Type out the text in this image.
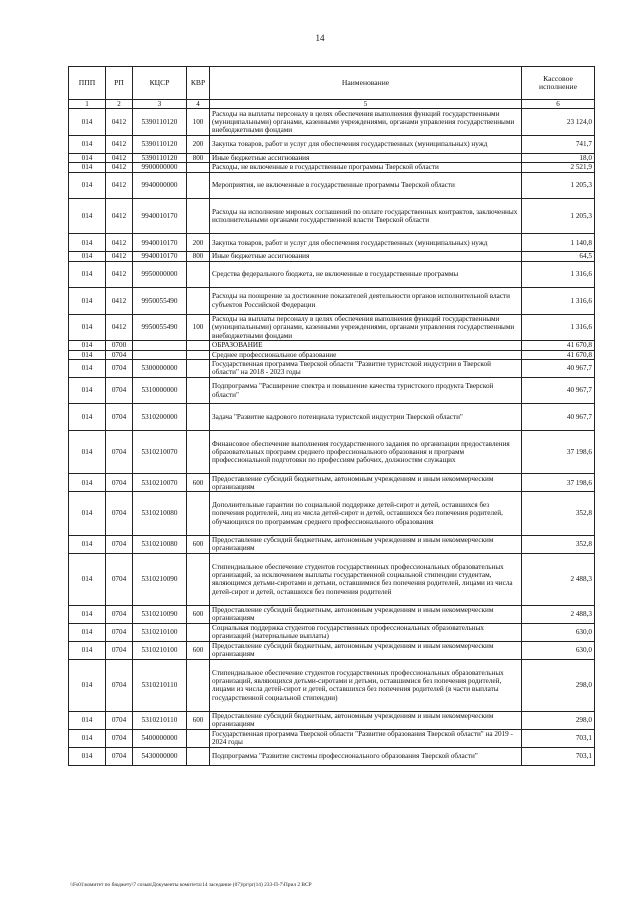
14
ППП	РП	КЦСР	КВР	Наименование	Кассовое исполнение
1	2	3	4	5	6
014	0412	5390110120	100	Расходы на выплаты персоналу в целях обеспечения выполнения функций государственными (муниципальными) органами, казенными учреждениями, органами управления государственными внебюджетными фондами	23 124,0
014	0412	5390110120	200	Закупка товаров, работ и услуг для обеспечения государственных (муниципальных) нужд	741,7
014	0412	5390110120	800	Иные бюджетные ассигнования	18,0
014	0412	9900000000		Расходы, не включенные в государственные программы Тверской области	2 521,9
014	0412	9940000000		Мероприятия, не включенные в государственные программы Тверской области	1 205,3
014	0412	9940010170		Расходы на исполнение мировых соглашений по оплате государственных контрактов, заключенных исполнительными органами государственной власти Тверской области	1 205,3
014	0412	9940010170	200	Закупка товаров, работ и услуг для обеспечения государственных (муниципальных) нужд	1 140,8
014	0412	9940010170	800	Иные бюджетные ассигнования	64,5
014	0412	9950000000		Средства федерального бюджета, не включенные в государственные программы	1 316,6
014	0412	9950055490		Расходы на поощрение за достижение показателей деятельности органов исполнительной власти субъектов Российской Федерации	1 316,6
014	0412	9950055490	100	Расходы на выплаты персоналу в целях обеспечения выполнения функций государственными (муниципальными) органами, казенными учреждениями, органами управления государственными внебюджетными фондами	1 316,6
014	0700			ОБРАЗОВАНИЕ	41 670,8
014	0704			Среднее профессиональное образование	41 670,8
014	0704	5300000000		Государственная программа Тверской области "Развитие туристской индустрии в Тверской области" на 2018 - 2023 годы	40 967,7
014	0704	5310000000		Подпрограмма "Расширение спектра и повышение качества туристского продукта Тверской области"	40 967,7
014	0704	5310200000		Задача "Развитие кадрового потенциала туристской индустрии Тверской области"	40 967,7
014	0704	5310210070		Финансовое обеспечение выполнения государственного задания по организации предоставления образовательных программ среднего профессионального образования и программ профессиональной подготовки по профессиям рабочих, должностям служащих	37 198,6
014	0704	5310210070	600	Предоставление субсидий бюджетным, автономным учреждениям и иным некоммерческим организациям	37 198,6
014	0704	5310210080		Дополнительные гарантии по социальной поддержке детей-сирот и детей, оставшихся без попечения родителей, лиц из числа детей-сирот и детей, оставшихся без попечения родителей, обучающихся по программам среднего профессионального образования	352,8
014	0704	5310210080	600	Предоставление субсидий бюджетным, автономным учреждениям и иным некоммерческим организациям	352,8
014	0704	5310210090		Стипендиальное обеспечение студентов государственных профессиональных образовательных организаций, за исключением выплаты государственной социальной стипендии студентам, являющимся детьми-сиротами и детьми, оставшимися без попечения родителей, лицами из числа детей-сирот и детей, оставшихся без попечения родителей	2 488,3
014	0704	5310210090	600	Предоставление субсидий бюджетным, автономным учреждениям и иным некоммерческим организациям	2 488,3
014	0704	5310210100		Социальная поддержка студентов государственных профессиональных образовательных организаций (материальные выплаты)	630,0
014	0704	5310210100	600	Предоставление субсидий бюджетным, автономным учреждениям и иным некоммерческим организациям	630,0
014	0704	5310210110		Стипендиальное обеспечение студентов государственных профессиональных образовательных организаций, являющихся детьми-сиротами и детьми, оставшимися без попечения родителей, лицами из числа детей-сирот и детей, оставшихся без попечения родителей (в части выплаты государственной социальной стипендии)	298,0
014	0704	5310210110	600	Предоставление субсидий бюджетным, автономным учреждениям и иным некоммерческим организациям	298,0
014	0704	5400000000		Государственная программа Тверской области "Развитие образования Тверской области" на 2019 - 2024 годы	703,1
014	0704	5430000000		Подпрограмма "Развитие системы профессионального образования Тверской области"	703,1
\\Fs01\комитет по бюджету\7 созыв\Документы комитета\14 заседание (07)\pr\pr(14) 233-П-7\Прил 2 ВСР
